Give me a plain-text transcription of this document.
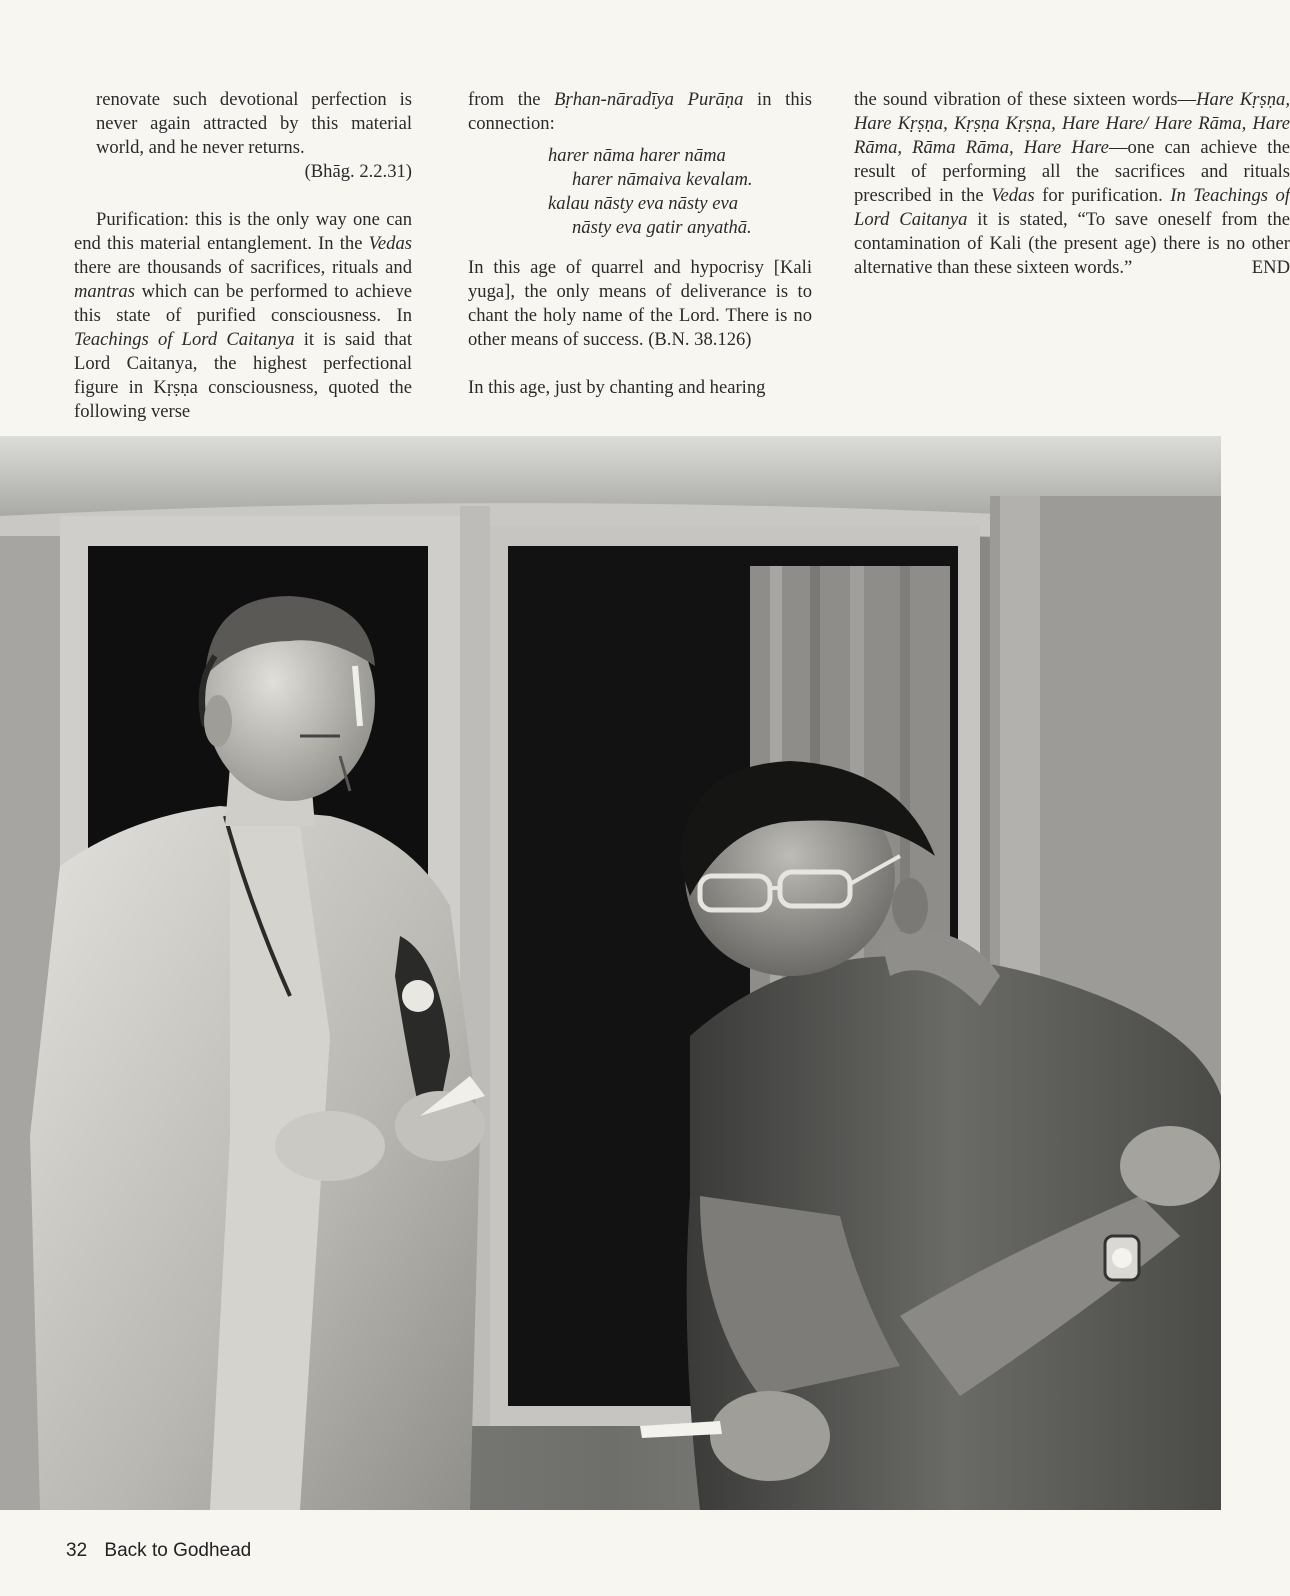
renovate such devotional perfection is never again attracted by this material world, and he never returns.

(Bhāg. 2.2.31)

Purification: this is the only way one can end this material entanglement. In the Vedas there are thousands of sacrifices, rituals and mantras which can be performed to achieve this state of purified consciousness. In Teachings of Lord Caitanya it is said that Lord Caitanya, the highest perfectional figure in Kṛṣṇa consciousness, quoted the following verse

from the Bṛhan-nāradīya Purāṇa in this connection:

harer nāma harer nāma
harer nāmaiva kevalam.
kalau nāsty eva nāsty eva
nāsty eva gatir anyathā.

In this age of quarrel and hypocrisy [Kali yuga], the only means of deliverance is to chant the holy name of the Lord. There is no other means of success. (B.N. 38.126)

In this age, just by chanting and hearing

the sound vibration of these sixteen words—Hare Kṛṣṇa, Hare Kṛṣṇa, Kṛṣṇa Kṛṣṇa, Hare Hare/ Hare Rāma, Hare Rāma, Rāma Rāma, Hare Hare—one can achieve the result of performing all the sacrifices and rituals prescribed in the Vedas for purification. In Teachings of Lord Caitanya it is stated, “To save oneself from the contamination of Kali (the present age) there is no other alternative than these sixteen words.”	END

32 Back to Godhead
